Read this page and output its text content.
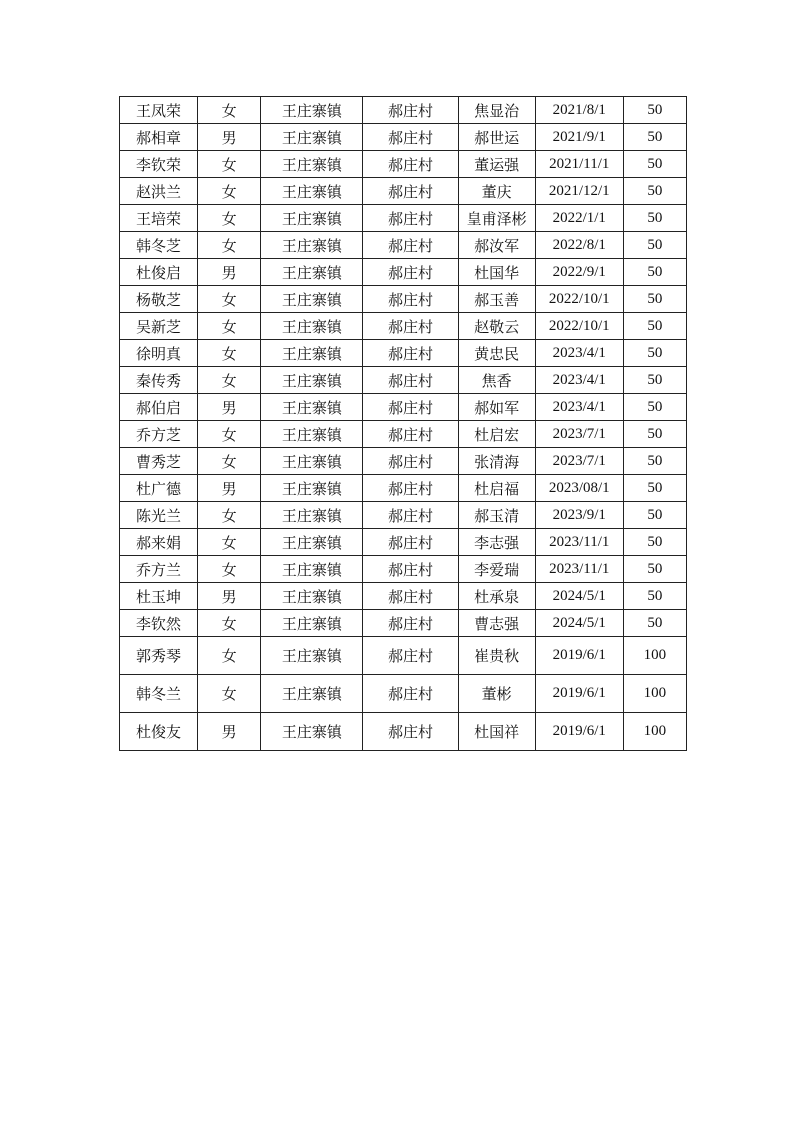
王凤荣	女	王庄寨镇	郝庄村	焦显治	2021/8/1	50
郝相章	男	王庄寨镇	郝庄村	郝世运	2021/9/1	50
李钦荣	女	王庄寨镇	郝庄村	董运强	2021/11/1	50
赵洪兰	女	王庄寨镇	郝庄村	董庆	2021/12/1	50
王培荣	女	王庄寨镇	郝庄村	皇甫泽彬	2022/1/1	50
韩冬芝	女	王庄寨镇	郝庄村	郝汝军	2022/8/1	50
杜俊启	男	王庄寨镇	郝庄村	杜国华	2022/9/1	50
杨敬芝	女	王庄寨镇	郝庄村	郝玉善	2022/10/1	50
吴新芝	女	王庄寨镇	郝庄村	赵敬云	2022/10/1	50
徐明真	女	王庄寨镇	郝庄村	黄忠民	2023/4/1	50
秦传秀	女	王庄寨镇	郝庄村	焦香	2023/4/1	50
郝伯启	男	王庄寨镇	郝庄村	郝如军	2023/4/1	50
乔方芝	女	王庄寨镇	郝庄村	杜启宏	2023/7/1	50
曹秀芝	女	王庄寨镇	郝庄村	张清海	2023/7/1	50
杜广德	男	王庄寨镇	郝庄村	杜启福	2023/08/1	50
陈光兰	女	王庄寨镇	郝庄村	郝玉清	2023/9/1	50
郝来娟	女	王庄寨镇	郝庄村	李志强	2023/11/1	50
乔方兰	女	王庄寨镇	郝庄村	李爱瑞	2023/11/1	50
杜玉坤	男	王庄寨镇	郝庄村	杜承泉	2024/5/1	50
李钦然	女	王庄寨镇	郝庄村	曹志强	2024/5/1	50
郭秀琴	女	王庄寨镇	郝庄村	崔贵秋	2019/6/1	100
韩冬兰	女	王庄寨镇	郝庄村	董彬	2019/6/1	100
杜俊友	男	王庄寨镇	郝庄村	杜国祥	2019/6/1	100
